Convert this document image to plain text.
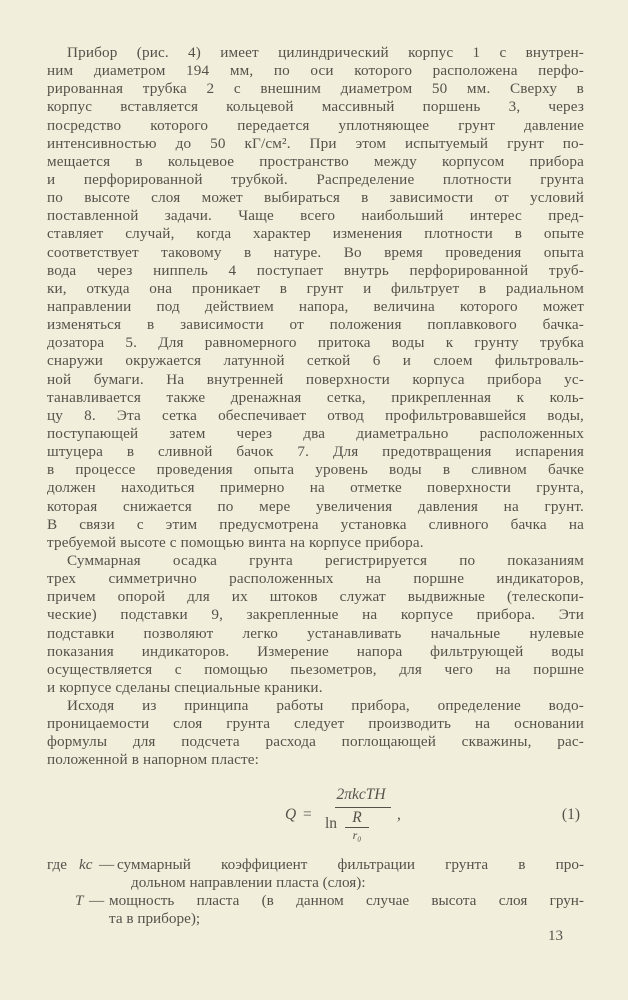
Прибор (рис. 4) имеет цилиндрический корпус 1 с внутрен-
ним диаметром 194 мм, по оси которого расположена перфо-
рированная трубка 2 с внешним диаметром 50 мм. Сверху в
корпус вставляется кольцевой массивный поршень 3, через
посредство которого передается уплотняющее грунт давление
интенсивностью до 50 кГ/см². При этом испытуемый грунт по-
мещается в кольцевое пространство между корпусом прибора
и перфорированной трубкой. Распределение плотности грунта
по высоте слоя может выбираться в зависимости от условий
поставленной задачи. Чаще всего наибольший интерес пред-
ставляет случай, когда характер изменения плотности в опыте
соответствует таковому в натуре. Во время проведения опыта
вода через ниппель 4 поступает внутрь перфорированной труб-
ки, откуда она проникает в грунт и фильтрует в радиальном
направлении под действием напора, величина которого может
изменяться в зависимости от положения поплавкового бачка-
дозатора 5. Для равномерного притока воды к грунту трубка
снаружи окружается латунной сеткой 6 и слоем фильтроваль-
ной бумаги. На внутренней поверхности корпуса прибора ус-
танавливается также дренажная сетка, прикрепленная к коль-
цу 8. Эта сетка обеспечивает отвод профильтровавшейся воды,
поступающей затем через два диаметрально расположенных
штуцера в сливной бачок 7. Для предотвращения испарения
в процессе проведения опыта уровень воды в сливном бачке
должен находиться примерно на отметке поверхности грунта,
которая снижается по мере увеличения давления на грунт.
В связи с этим предусмотрена установка сливного бачка на
требуемой высоте с помощью винта на корпусе прибора.
Суммарная осадка грунта регистрируется по показаниям
трех симметрично расположенных на поршне индикаторов,
причем опорой для их штоков служат выдвижные (телескопи-
ческие) подставки 9, закрепленные на корпусе прибора. Эти
подставки позволяют легко устанавливать начальные нулевые
показания индикаторов. Измерение напора фильтрующей воды
осуществляется с помощью пьезометров, для чего на поршне
и корпусе сделаны специальные краники.
Исходя из принципа работы прибора, определение водо-
проницаемости слоя грунта следует производить на основании
формулы для подсчета расхода поглощающей скважины, рас-
положенной в напорном пласте:
Q =
2πkcTH
ln R
r₀
,	(1)
где kc — суммарный коэффициент фильтрации грунта в про-
дольном направлении пласта (слоя):
T — мощность пласта (в данном случае высота слоя грун-
та в приборе);
13
